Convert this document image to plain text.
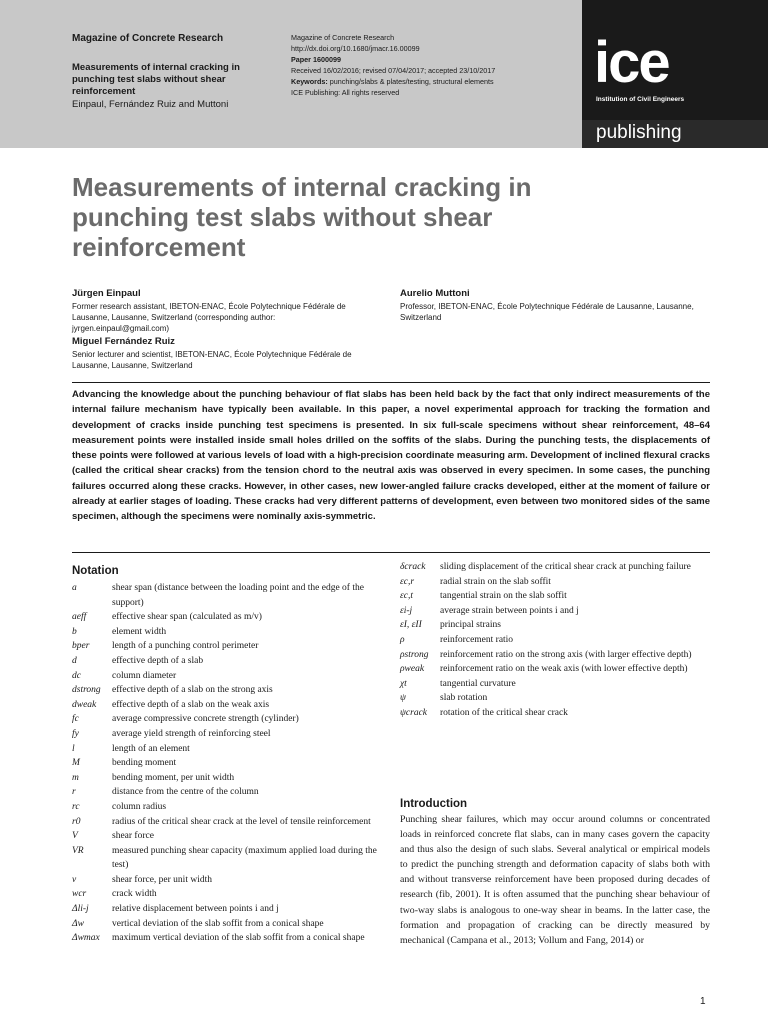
Magazine of Concrete Research
Measurements of internal cracking in punching test slabs without shear reinforcement
Einpaul, Fernández Ruiz and Muttoni
Magazine of Concrete Research
http://dx.doi.org/10.1680/jmacr.16.00099
Paper 1600099
Received 16/02/2016; revised 07/04/2017; accepted 23/10/2017
Keywords: punching/slabs & plates/testing, structural elements
ICE Publishing: All rights reserved	ice
Institution of Civil Engineers
publishing
Measurements of internal cracking in punching test slabs without shear reinforcement
Jürgen Einpaul
Former research assistant, IBETON-ENAC, École Polytechnique Fédérale de Lausanne, Lausanne, Switzerland (corresponding author: jyrgen.einpaul@gmail.com)
Aurelio Muttoni
Professor, IBETON-ENAC, École Polytechnique Fédérale de Lausanne, Lausanne, Switzerland
Miguel Fernández Ruiz
Senior lecturer and scientist, IBETON-ENAC, École Polytechnique Fédérale de Lausanne, Lausanne, Switzerland
Advancing the knowledge about the punching behaviour of flat slabs has been held back by the fact that only indirect measurements of the internal failure mechanism have typically been available. In this paper, a novel experimental approach for tracking the formation and development of cracks inside punching test specimens is presented. In six full-scale specimens without shear reinforcement, 48–64 measurement points were installed inside small holes drilled on the soffits of the slabs. During the punching tests, the displacements of these points were followed at various levels of load with a high-precision coordinate measuring arm. Development of inclined flexural cracks (called the critical shear cracks) from the tension chord to the neutral axis was observed in every specimen. In some cases, the punching failures occurred along these cracks. However, in other cases, new lower-angled failure cracks developed, either at the moment of failure or already at earlier stages of loading. These cracks had very different patterns of development, even between two monitored sides of the same specimen, although the specimens were nominally axis-symmetric.
Notation
a	shear span (distance between the loading point and the edge of the support)
aeff	effective shear span (calculated as m/v)
b	element width
bper	length of a punching control perimeter
d	effective depth of a slab
dc	column diameter
dstrong	effective depth of a slab on the strong axis
dweak	effective depth of a slab on the weak axis
fc	average compressive concrete strength (cylinder)
fy	average yield strength of reinforcing steel
l	length of an element
M	bending moment
m	bending moment, per unit width
r	distance from the centre of the column
rc	column radius
r0	radius of the critical shear crack at the level of tensile reinforcement
V	shear force
VR	measured punching shear capacity (maximum applied load during the test)
v	shear force, per unit width
wcr	crack width
Δli-j	relative displacement between points i and j
Δw	vertical deviation of the slab soffit from a conical shape
Δwmax	maximum vertical deviation of the slab soffit from a conical shape
δcrack	sliding displacement of the critical shear crack at punching failure
εc,r	radial strain on the slab soffit
εc,t	tangential strain on the slab soffit
εi-j	average strain between points i and j
εI, εII	principal strains
ρ	reinforcement ratio
ρstrong	reinforcement ratio on the strong axis (with larger effective depth)
ρweak	reinforcement ratio on the weak axis (with lower effective depth)
χt	tangential curvature
ψ	slab rotation
ψcrack	rotation of the critical shear crack
Introduction
Punching shear failures, which may occur around columns or concentrated loads in reinforced concrete flat slabs, can in many cases govern the capacity and thus also the design of such slabs. Several analytical or empirical models to predict the punching strength and deformation capacity of slabs both with and without transverse reinforcement have been proposed during decades of research (fib, 2001). It is often assumed that the punching shear behaviour of two-way slabs is analogous to one-way shear in beams. In the latter case, the formation and propagation of cracking can be directly measured by mechanical (Campana et al., 2013; Vollum and Fang, 2014) or
1
